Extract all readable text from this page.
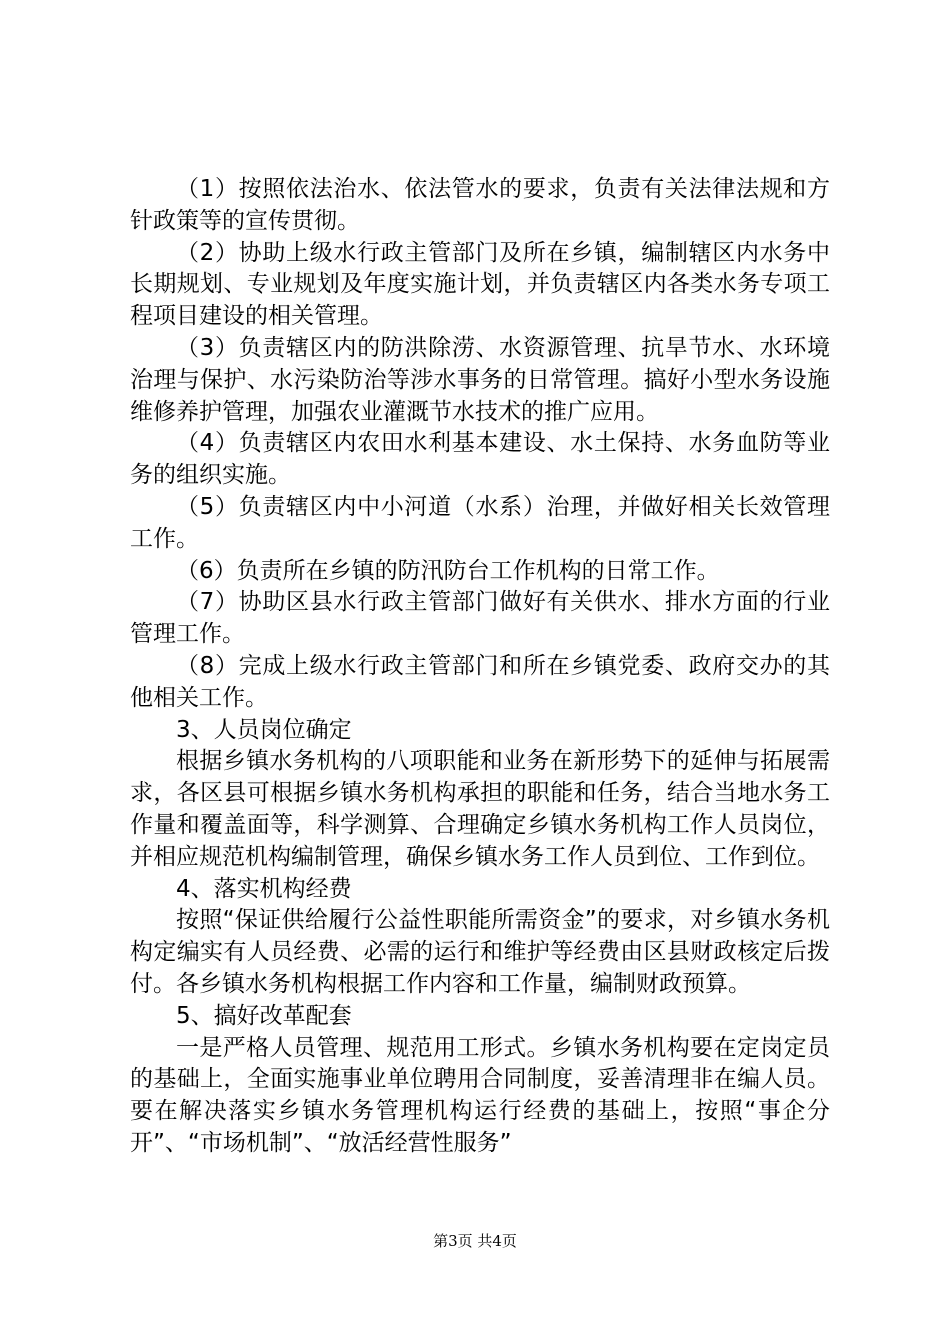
（1）按照依法治水、依法管水的要求，负责有关法律法规和方针政策等的宣传贯彻。

（2）协助上级水行政主管部门及所在乡镇，编制辖区内水务中长期规划、专业规划及年度实施计划，并负责辖区内各类水务专项工程项目建设的相关管理。

（3）负责辖区内的防洪除涝、水资源管理、抗旱节水、水环境治理与保护、水污染防治等涉水事务的日常管理。搞好小型水务设施维修养护管理，加强农业灌溉节水技术的推广应用。

（4）负责辖区内农田水利基本建设、水土保持、水务血防等业务的组织实施。

（5）负责辖区内中小河道（水系）治理，并做好相关长效管理工作。

（6）负责所在乡镇的防汛防台工作机构的日常工作。

（7）协助区县水行政主管部门做好有关供水、排水方面的行业管理工作。

（8）完成上级水行政主管部门和所在乡镇党委、政府交办的其他相关工作。

3、人员岗位确定

根据乡镇水务机构的八项职能和业务在新形势下的延伸与拓展需求，各区县可根据乡镇水务机构承担的职能和任务，结合当地水务工作量和覆盖面等，科学测算、合理确定乡镇水务机构工作人员岗位，并相应规范机构编制管理，确保乡镇水务工作人员到位、工作到位。

4、落实机构经费

按照“保证供给履行公益性职能所需资金”的要求，对乡镇水务机构定编实有人员经费、必需的运行和维护等经费由区县财政核定后拨付。各乡镇水务机构根据工作内容和工作量，编制财政预算。

5、搞好改革配套

一是严格人员管理、规范用工形式。乡镇水务机构要在定岗定员的基础上，全面实施事业单位聘用合同制度，妥善清理非在编人员。要在解决落实乡镇水务管理机构运行经费的基础上，按照“事企分开”、“市场机制”、“放活经营性服务”

第3页 共4页
